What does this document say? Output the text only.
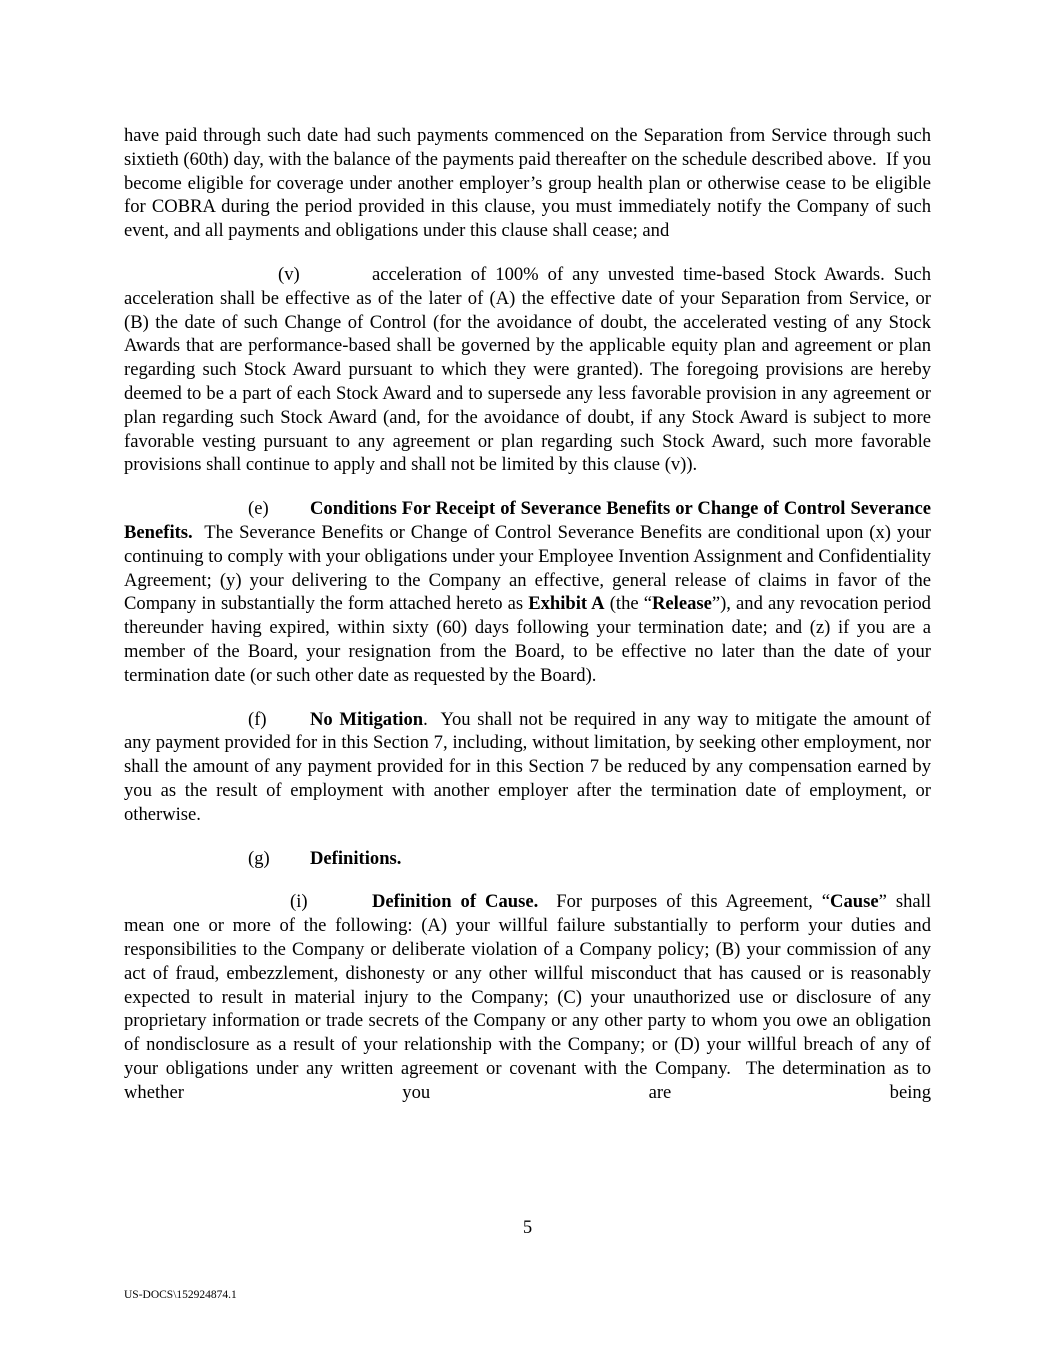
have paid through such date had such payments commenced on the Separation from Service through such sixtieth (60th) day, with the balance of the payments paid thereafter on the schedule described above.  If you become eligible for coverage under another employer’s group health plan or otherwise cease to be eligible for COBRA during the period provided in this clause, you must immediately notify the Company of such event, and all payments and obligations under this clause shall cease; and

(v)	acceleration of 100% of any unvested time-based Stock Awards. Such acceleration shall be effective as of the later of (A) the effective date of your Separation from Service, or (B) the date of such Change of Control (for the avoidance of doubt, the accelerated vesting of any Stock Awards that are performance-based shall be governed by the applicable equity plan and agreement or plan regarding such Stock Award pursuant to which they were granted). The foregoing provisions are hereby deemed to be a part of each Stock Award and to supersede any less favorable provision in any agreement or plan regarding such Stock Award (and, for the avoidance of doubt, if any Stock Award is subject to more favorable vesting pursuant to any agreement or plan regarding such Stock Award, such more favorable provisions shall continue to apply and shall not be limited by this clause (v)).

(e) Conditions For Receipt of Severance Benefits or Change of Control Severance Benefits.  The Severance Benefits or Change of Control Severance Benefits are conditional upon (x) your continuing to comply with your obligations under your Employee Invention Assignment and Confidentiality Agreement; (y) your delivering to the Company an effective, general release of claims in favor of the Company in substantially the form attached hereto as Exhibit A (the “Release”), and any revocation period thereunder having expired, within sixty (60) days following your termination date; and (z) if you are a member of the Board, your resignation from the Board, to be effective no later than the date of your termination date (or such other date as requested by the Board).

(f) No Mitigation.  You shall not be required in any way to mitigate the amount of any payment provided for in this Section 7, including, without limitation, by seeking other employment, nor shall the amount of any payment provided for in this Section 7 be reduced by any compensation earned by you as the result of employment with another employer after the termination date of employment, or otherwise.

(g) Definitions.

(i)	Definition of Cause.  For purposes of this Agreement, “Cause” shall mean one or more of the following: (A) your willful failure substantially to perform your duties and responsibilities to the Company or deliberate violation of a Company policy; (B) your commission of any act of fraud, embezzlement, dishonesty or any other willful misconduct that has caused or is reasonably expected to result in material injury to the Company; (C) your unauthorized use or disclosure of any proprietary information or trade secrets of the Company or any other party to whom you owe an obligation of nondisclosure as a result of your relationship with the Company; or (D) your willful breach of any of your obligations under any written agreement or covenant with the Company.  The determination as to whether you are being

5
US-DOCS\152924874.1
